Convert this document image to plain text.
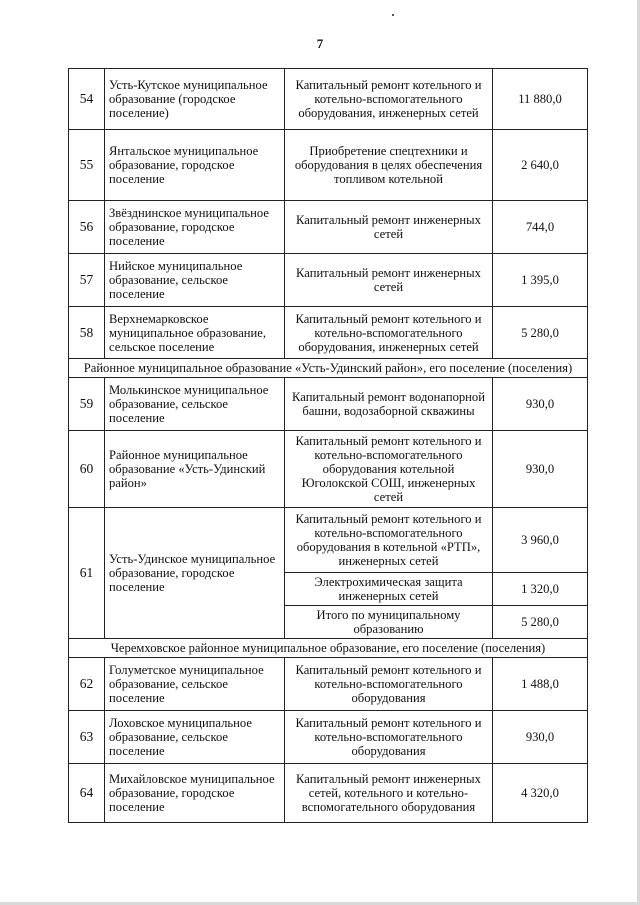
7
54	Усть-Кутское муниципальное образование (городское поселение)	Капитальный ремонт котельного и котельно-вспомогательного оборудования, инженерных сетей	11 880,0
55	Янтальское муниципальное образование, городское поселение	Приобретение спецтехники и оборудования в целях обеспечения топливом котельной	2 640,0
56	Звёзднинское муниципальное образование, городское поселение	Капитальный ремонт инженерных сетей	744,0
57	Нийское муниципальное образование, сельское поселение	Капитальный ремонт инженерных сетей	1 395,0
58	Верхнемарковское муниципальное образование, сельское поселение	Капитальный ремонт котельного и котельно-вспомогательного оборудования, инженерных сетей	5 280,0
Районное муниципальное образование «Усть-Удинский район», его поселение (поселения)			
59	Молькинское муниципальное образование, сельское поселение	Капитальный ремонт водонапорной башни, водозаборной скважины	930,0
60	Районное муниципальное образование «Усть-Удинский район»	Капитальный ремонт котельного и котельно-вспомогательного оборудования котельной Юголокской СОШ, инженерных сетей	930,0
61	Усть-Удинское муниципальное образование, городское поселение	Капитальный ремонт котельного и котельно-вспомогательного оборудования в котельной «РТП», инженерных сетей	3 960,0
		Электрохимическая защита инженерных сетей	1 320,0
		Итого по муниципальному образованию	5 280,0
Черемховское районное муниципальное образование, его поселение (поселения)			
62	Голуметское муниципальное образование, сельское поселение	Капитальный ремонт котельного и котельно-вспомогательного оборудования	1 488,0
63	Лоховское муниципальное образование, сельское поселение	Капитальный ремонт котельного и котельно-вспомогательного оборудования	930,0
64	Михайловское муниципальное образование, городское поселение	Капитальный ремонт инженерных сетей, котельного и котельно-вспомогательного оборудования	4 320,0
